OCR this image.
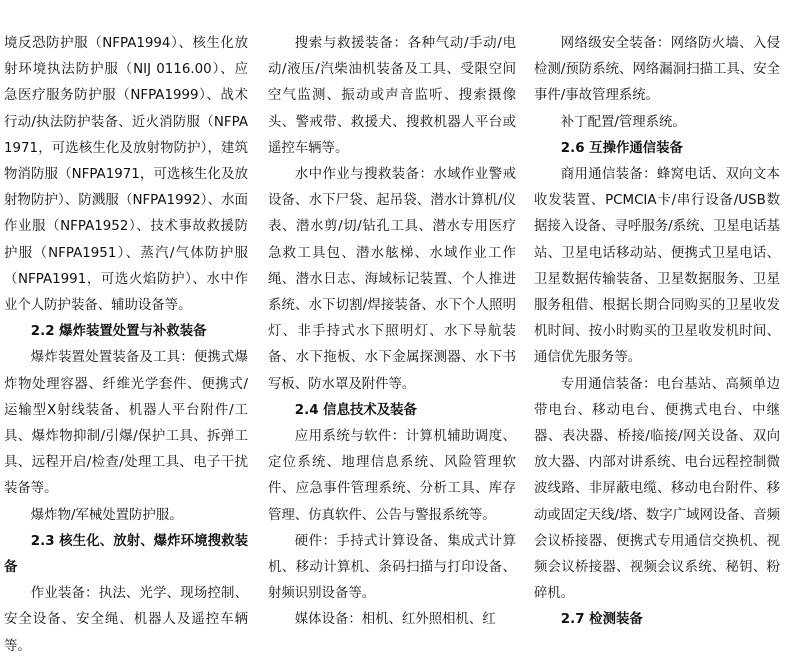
境反恐防护服（NFPA1994）、核生化放射环境执法防护服（NIJ 0116.00）、应急医疗服务防护服（NFPA1999）、战术行动/执法防护装备、近火消防服（NFPA1971，可选核生化及放射物防护），建筑物消防服（NFPA1971，可选核生化及放射物防护）、防溅服（NFPA1992）、水面作业服（NFPA1952）、技术事故救援防护服（NFPA1951）、蒸汽/气体防护服（NFPA1991，可选火焰防护）、水中作业个人防护装备、辅助设备等。

2.2 爆炸装置处置与补救装备

爆炸装置处置装备及工具：便携式爆炸物处理容器、纤维光学套件、便携式/运输型X射线装备、机器人平台附件/工具、爆炸物抑制/引爆/保护工具、拆弹工具、远程开启/检查/处理工具、电子干扰装备等。

爆炸物/军械处置防护服。

2.3 核生化、放射、爆炸环境搜救装备

作业装备：执法、光学、现场控制、安全设备、安全绳、机器人及遥控车辆等。

搜索与救援装备：各种气动/手动/电动/液压/汽柴油机装备及工具、受限空间空气监测、振动或声音监听、搜索摄像头、警戒带、救援犬、搜救机器人平台或遥控车辆等。

水中作业与搜救装备：水域作业警戒设备、水下尸袋、起吊袋、潜水计算机/仪表、潜水剪/切/钻孔工具、潜水专用医疗急救工具包、潜水舷梯、水域作业工作绳、潜水日志、海域标记装置、个人推进系统、水下切割/焊接装备、水下个人照明灯、非手持式水下照明灯、水下导航装备、水下拖板、水下金属探测器、水下书写板、防水罩及附件等。

2.4 信息技术及装备

应用系统与软件：计算机辅助调度、定位系统、地理信息系统、风险管理软件、应急事件管理系统、分析工具、库存管理、仿真软件、公告与警报系统等。

硬件：手持式计算设备、集成式计算机、移动计算机、条码扫描与打印设备、射频识别设备等。

媒体设备：相机、红外照相机、红

网络级安全装备：网络防火墙、入侵检测/预防系统、网络漏洞扫描工具、安全事件/事故管理系统。

补丁配置/管理系统。

2.6 互操作通信装备

商用通信装备：蜂窝电话、双向文本收发装置、PCMCIA卡/串行设备/USB数据接入设备、寻呼服务/系统、卫星电话基站、卫星电话移动站、便携式卫星电话、卫星数据传输装备、卫星数据服务、卫星服务租借、根据长期合同购买的卫星收发机时间、按小时购买的卫星收发机时间、通信优先服务等。

专用通信装备：电台基站、高频单边带电台、移动电台、便携式电台、中继器、表决器、桥接/临接/网关设备、双向放大器、内部对讲系统、电台远程控制微波线路、非屏蔽电缆、移动电台附件、移动或固定天线/塔、数字广域网设备、音频会议桥接器、便携式专用通信交换机、视频会议桥接器、视频会议系统、秘钥、粉碎机。

2.7 检测装备
